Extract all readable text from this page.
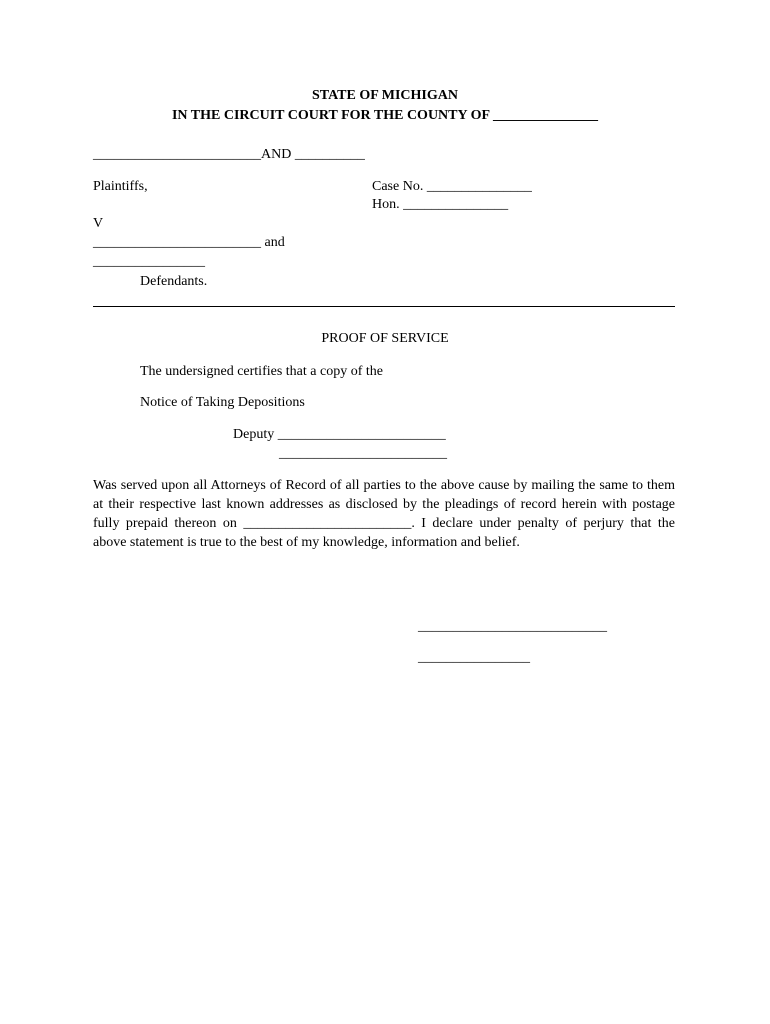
STATE OF MICHIGAN
IN THE CIRCUIT COURT FOR THE COUNTY OF _______________
________________________AND __________
Plaintiffs,	Case No. _______________
Hon. _______________
V
________________________ and
________________
Defendants.
PROOF OF SERVICE
The undersigned certifies that a copy of the
Notice of Taking Depositions
Deputy ________________________
________________________
Was served upon all Attorneys of Record of all parties to the above cause by mailing the same to them at their respective last known addresses as disclosed by the pleadings of record herein with postage fully prepaid thereon on ________________________. I declare under penalty of perjury that the above statement is true to the best of my knowledge, information and belief.
___________________________
________________
